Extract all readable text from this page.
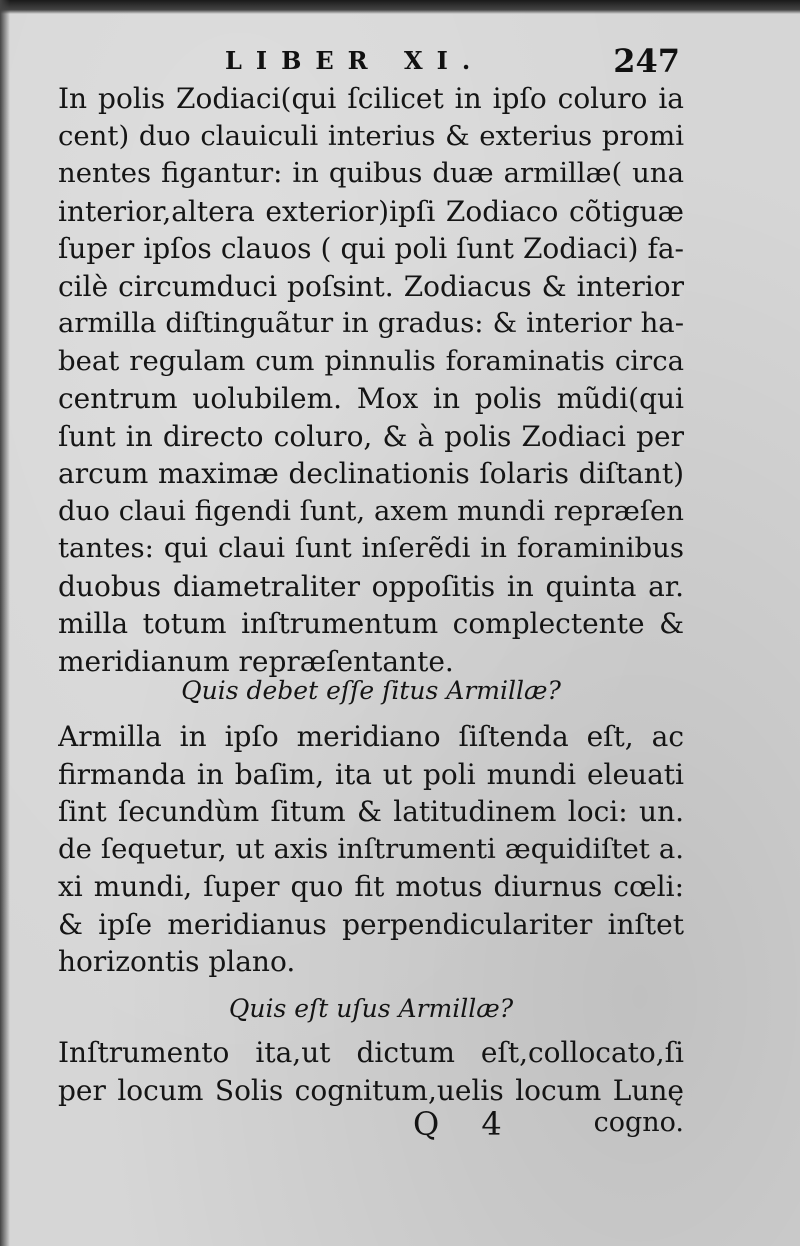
LIBER XI.	247
In polis Zodiaci(qui ſcilicet in ipſo coluro ia
cent) duo clauiculi interius & exterius promi
nentes figantur: in quibus duæ armillæ( una
interior,altera exterior)ipſi Zodiaco cõtiguæ
ſuper ipſos clauos ( qui poli ſunt Zodiaci) fa-
cilè circumduci poſsint. Zodiacus & interior
armilla diſtinguãtur in gradus: & interior ha-
beat regulam cum pinnulis foraminatis circa
centrum uolubilem. Mox in polis mũdi(qui
ſunt in directo coluro, & à polis Zodiaci per
arcum maximæ declinationis ſolaris diſtant)
duo claui figendi ſunt, axem mundi repræſen
tantes: qui claui ſunt inſerẽdi in foraminibus
duobus diametraliter oppoſitis in quinta ar.
milla totum inſtrumentum complectente &
meridianum repræſentante.
Quis debet eſſe ſitus Armillæ?
Armilla in ipſo meridiano ſiſtenda eſt, ac
firmanda in baſim, ita ut poli mundi eleuati
ſint ſecundùm ſitum & latitudinem loci: un.
de ſequetur, ut axis inſtrumenti æquidiſtet a.
xi mundi, ſuper quo fit motus diurnus cœli:
& ipſe meridianus perpendiculariter inſtet
horizontis plano.
Quis eſt uſus Armillæ?
Inſtrumento ita,ut dictum eſt,collocato,ſi
per locum Solis cognitum,uelis locum Lunę
Q 4	cogno.
